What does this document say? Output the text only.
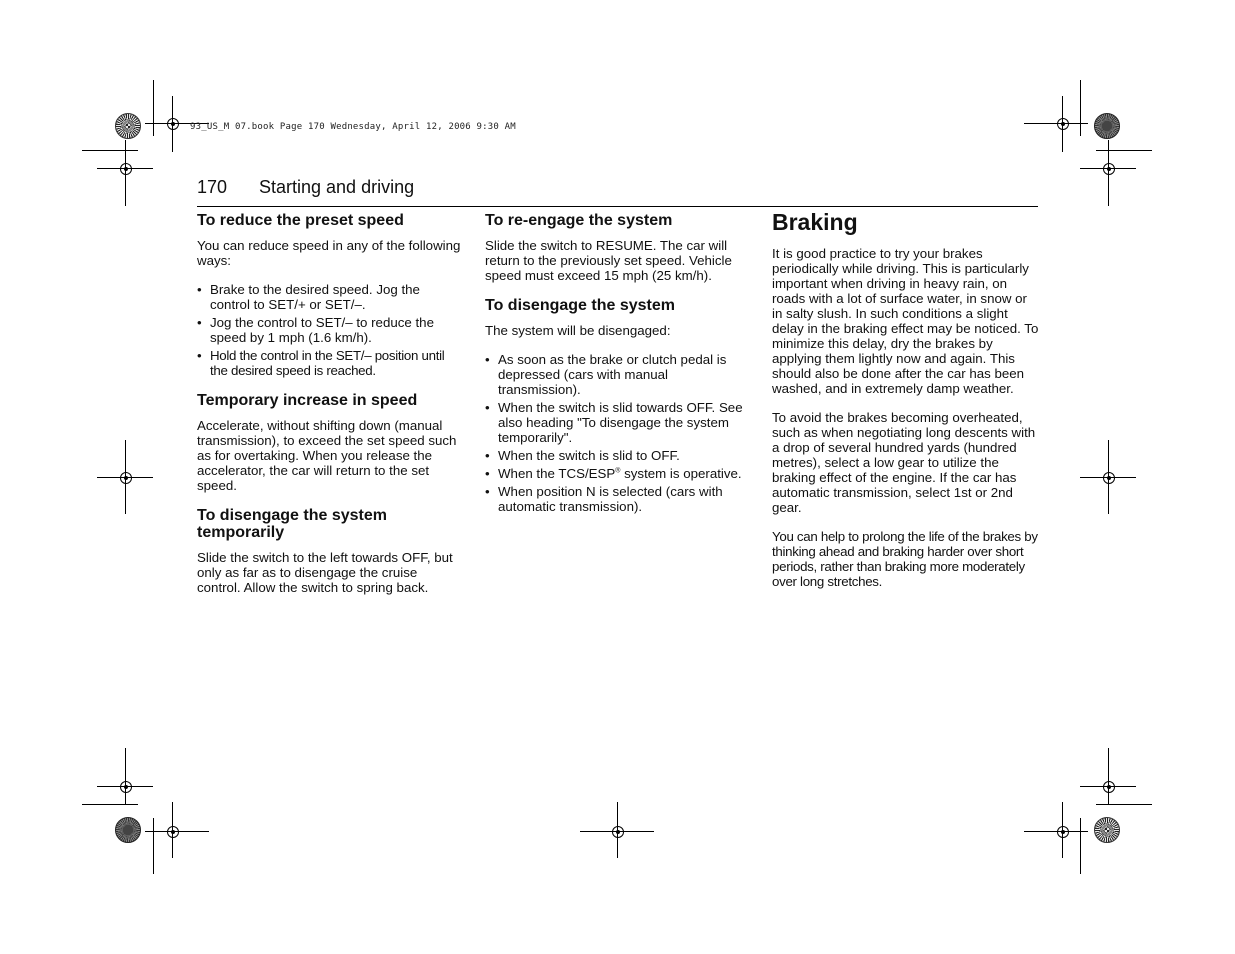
93_US_M 07.book Page 170 Wednesday, April 12, 2006 9:30 AM
170 Starting and driving
To reduce the preset speed

You can reduce speed in any of the following ways:

• Brake to the desired speed. Jog the control to SET/+ or SET/–.
• Jog the control to SET/– to reduce the speed by 1 mph (1.6 km/h).
• Hold the control in the SET/– position until the desired speed is reached.
Temporary increase in speed

Accelerate, without shifting down (manual transmission), to exceed the set speed such as for overtaking. When you release the accelerator, the car will return to the set speed.

To disengage the system temporarily

Slide the switch to the left towards OFF, but only as far as to disengage the cruise control. Allow the switch to spring back.

To re-engage the system

Slide the switch to RESUME. The car will return to the previously set speed. Vehicle speed must exceed 15 mph (25 km/h).

To disengage the system

The system will be disengaged:

• As soon as the brake or clutch pedal is depressed (cars with manual transmission).
• When the switch is slid towards OFF. See also heading "To disengage the system temporarily".
• When the switch is slid to OFF.
• When the TCS/ESP® system is operative.
• When position N is selected (cars with automatic transmission).
Braking

It is good practice to try your brakes periodically while driving. This is particularly important when driving in heavy rain, on roads with a lot of surface water, in snow or in salty slush. In such conditions a slight delay in the braking effect may be noticed. To minimize this delay, dry the brakes by applying them lightly now and again. This should also be done after the car has been washed, and in extremely damp weather.

To avoid the brakes becoming overheated, such as when negotiating long descents with a drop of several hundred yards (hundred metres), select a low gear to utilize the braking effect of the engine. If the car has automatic transmission, select 1st or 2nd gear.

You can help to prolong the life of the brakes by thinking ahead and braking harder over short periods, rather than braking more moderately over long stretches.
